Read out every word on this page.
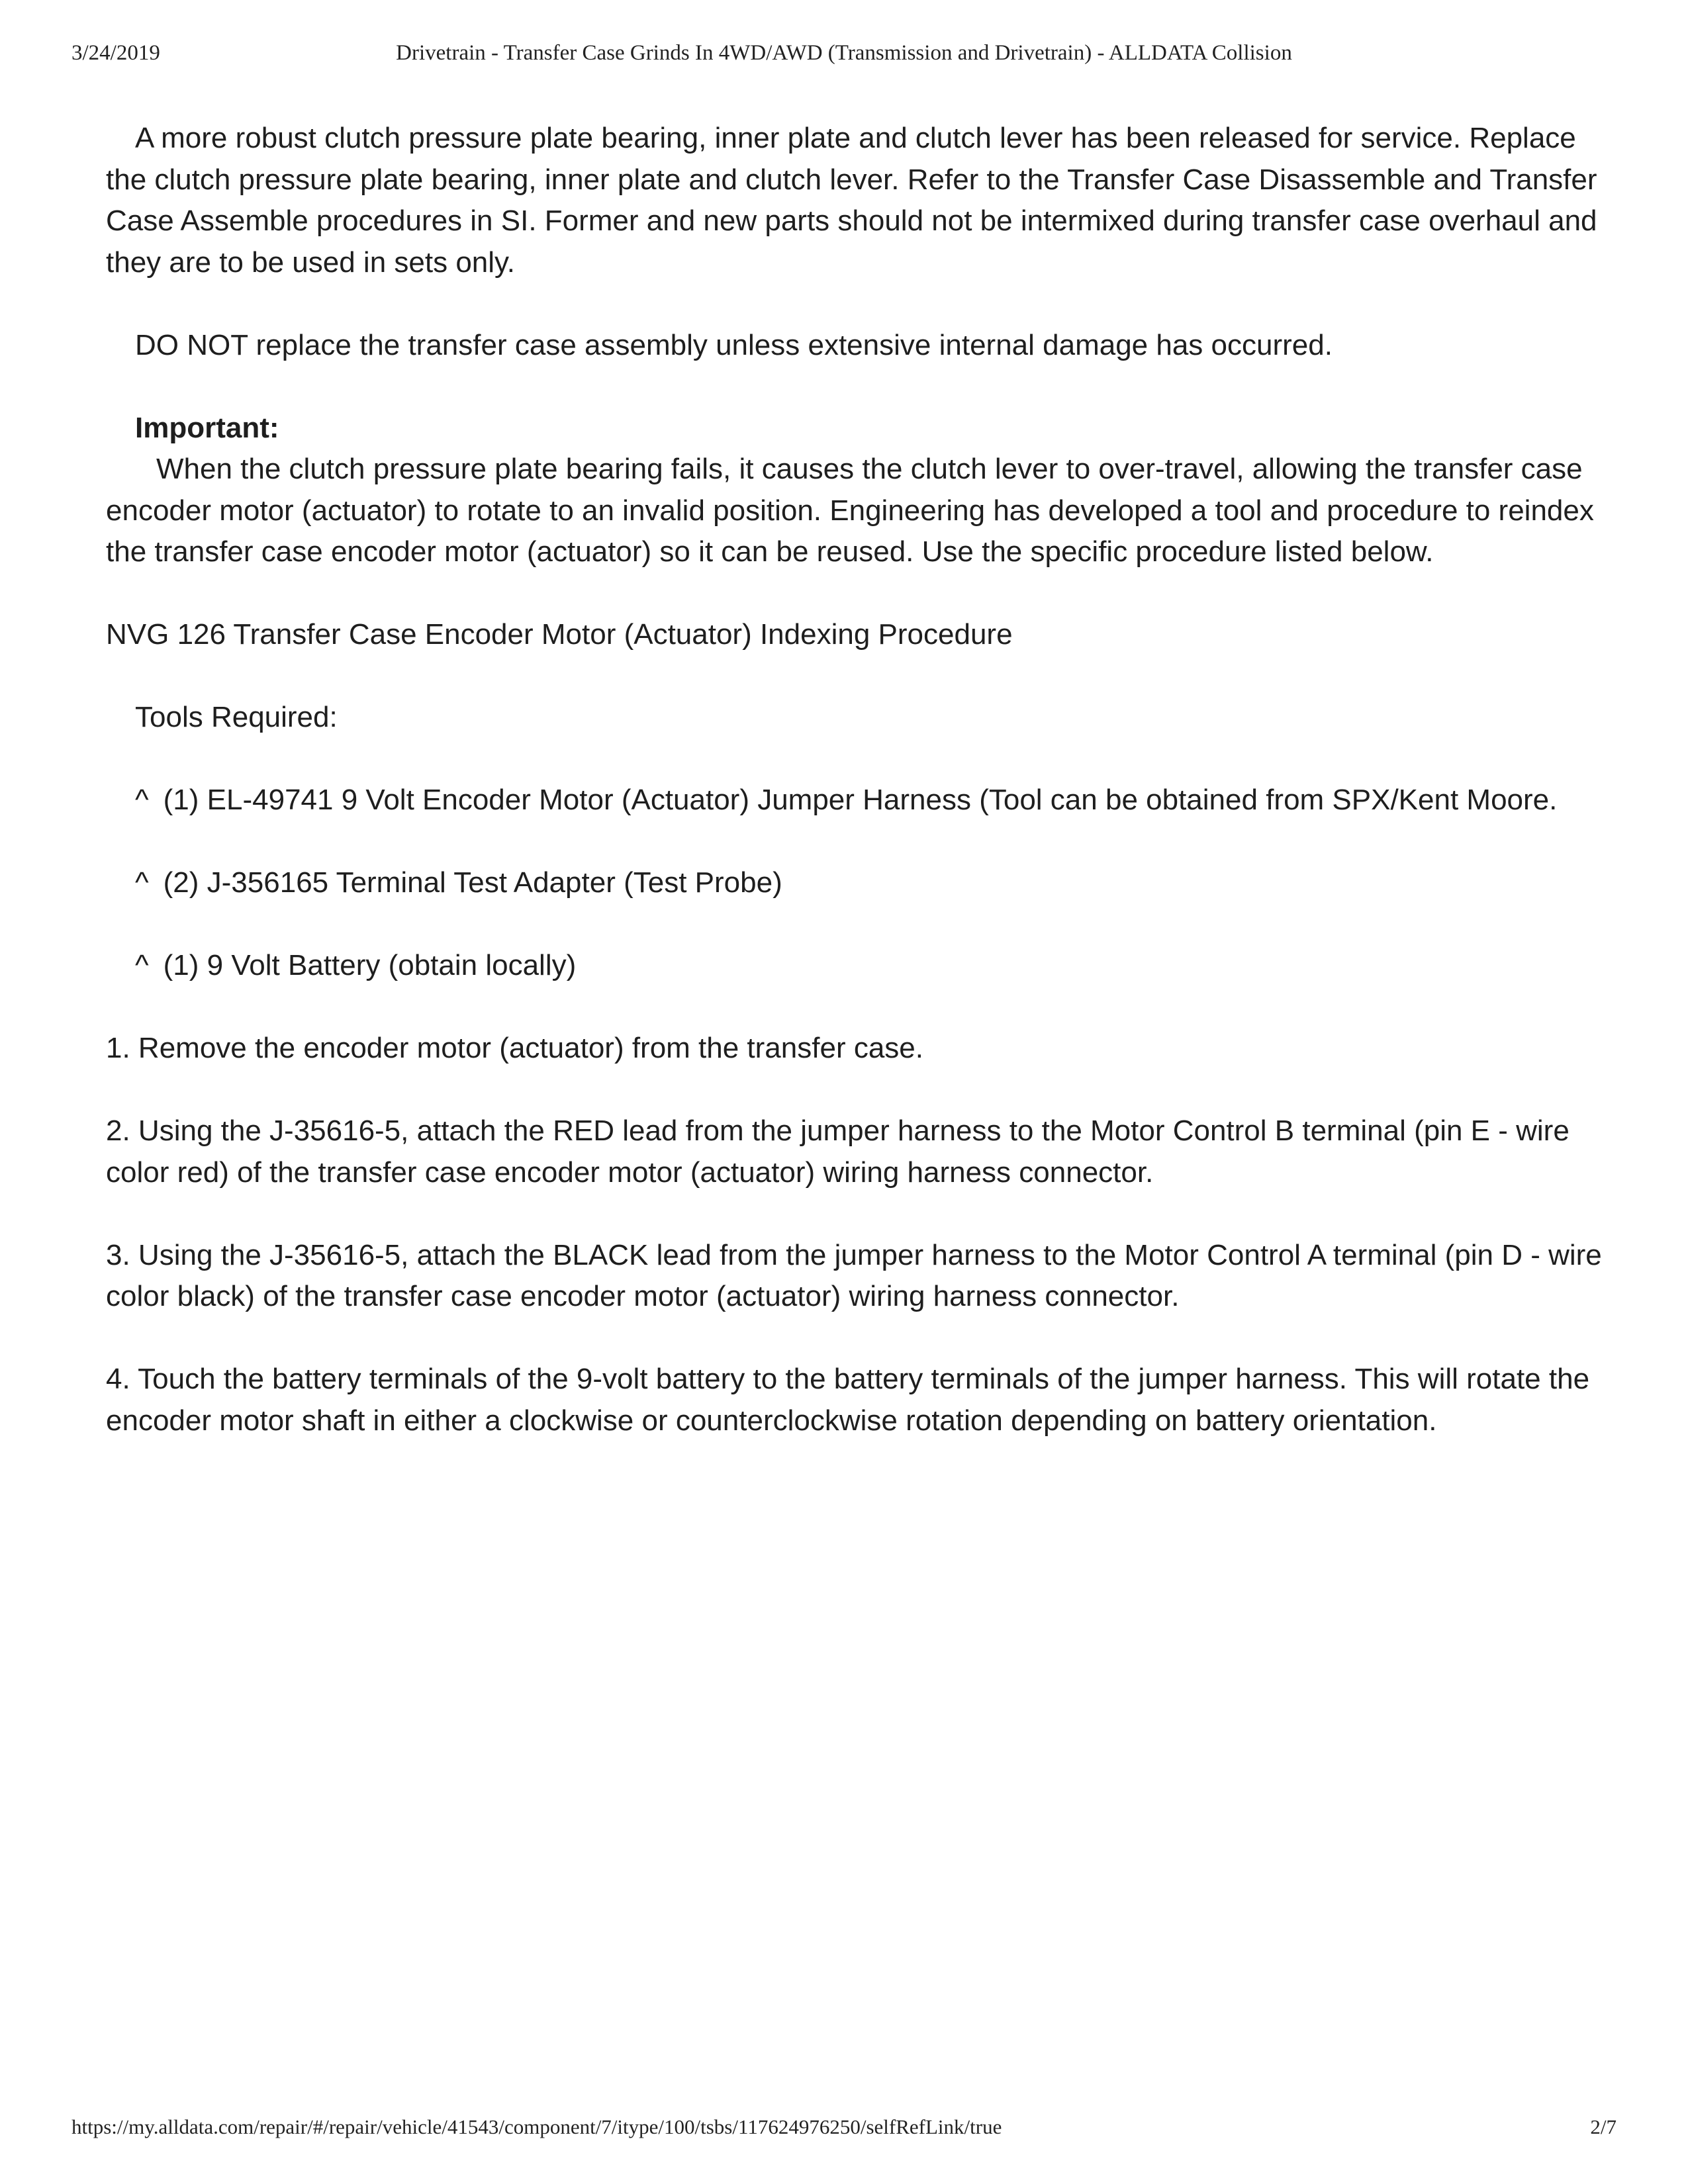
3/24/2019	Drivetrain - Transfer Case Grinds In 4WD/AWD (Transmission and Drivetrain) - ALLDATA Collision

A more robust clutch pressure plate bearing, inner plate and clutch lever has been released for service. Replace the clutch pressure plate bearing, inner plate and clutch lever. Refer to the Transfer Case Disassemble and Transfer Case Assemble procedures in SI. Former and new parts should not be intermixed during transfer case overhaul and they are to be used in sets only.

DO NOT replace the transfer case assembly unless extensive internal damage has occurred.

Important:

When the clutch pressure plate bearing fails, it causes the clutch lever to over-travel, allowing the transfer case encoder motor (actuator) to rotate to an invalid position. Engineering has developed a tool and procedure to reindex the transfer case encoder motor (actuator) so it can be reused. Use the specific procedure listed below.

NVG 126 Transfer Case Encoder Motor (Actuator) Indexing Procedure

Tools Required:

^ (1) EL-49741 9 Volt Encoder Motor (Actuator) Jumper Harness (Tool can be obtained from SPX/Kent Moore.

^ (2) J-356165 Terminal Test Adapter (Test Probe)

^ (1) 9 Volt Battery (obtain locally)

1. Remove the encoder motor (actuator) from the transfer case.

2. Using the J-35616-5, attach the RED lead from the jumper harness to the Motor Control B terminal (pin E - wire color red) of the transfer case encoder motor (actuator) wiring harness connector.

3. Using the J-35616-5, attach the BLACK lead from the jumper harness to the Motor Control A terminal (pin D - wire color black) of the transfer case encoder motor (actuator) wiring harness connector.

4. Touch the battery terminals of the 9-volt battery to the battery terminals of the jumper harness. This will rotate the encoder motor shaft in either a clockwise or counterclockwise rotation depending on battery orientation.

https://my.alldata.com/repair/#/repair/vehicle/41543/component/7/itype/100/tsbs/117624976250/selfRefLink/true	2/7
